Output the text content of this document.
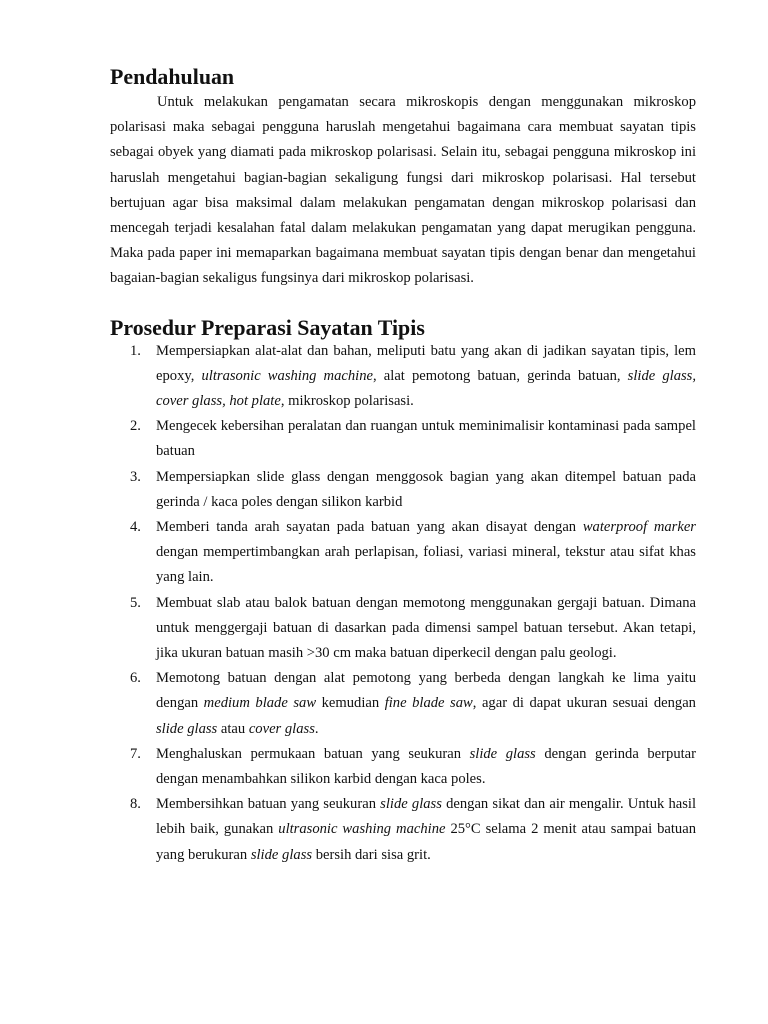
Pendahuluan

Untuk melakukan pengamatan secara mikroskopis dengan menggunakan mikroskop polarisasi maka sebagai pengguna haruslah mengetahui bagaimana cara membuat sayatan tipis sebagai obyek yang diamati pada mikroskop polarisasi. Selain itu, sebagai pengguna mikroskop ini haruslah mengetahui bagian-bagian sekaligung fungsi dari mikroskop polarisasi. Hal tersebut bertujuan agar bisa maksimal dalam melakukan pengamatan dengan mikroskop polarisasi dan mencegah terjadi kesalahan fatal dalam melakukan pengamatan yang dapat merugikan pengguna. Maka pada paper ini memaparkan bagaimana membuat sayatan tipis dengan benar dan mengetahui bagaian-bagian sekaligus fungsinya dari mikroskop polarisasi.

Prosedur Preparasi Sayatan Tipis
1. Mempersiapkan alat-alat dan bahan, meliputi batu yang akan di jadikan sayatan tipis, lem epoxy, ultrasonic washing machine, alat pemotong batuan, gerinda batuan, slide glass, cover glass, hot plate, mikroskop polarisasi.
2. Mengecek kebersihan peralatan dan ruangan untuk meminimalisir kontaminasi pada sampel batuan
3. Mempersiapkan slide glass dengan menggosok bagian yang akan ditempel batuan pada gerinda / kaca poles dengan silikon karbid
4. Memberi tanda arah sayatan pada batuan yang akan disayat dengan waterproof marker dengan mempertimbangkan arah perlapisan, foliasi, variasi mineral, tekstur atau sifat khas yang lain.
5. Membuat slab atau balok batuan dengan memotong menggunakan gergaji batuan. Dimana untuk menggergaji batuan di dasarkan pada dimensi sampel batuan tersebut. Akan tetapi, jika ukuran batuan masih >30 cm maka batuan diperkecil dengan palu geologi.
6. Memotong batuan dengan alat pemotong yang berbeda dengan langkah ke lima yaitu dengan medium blade saw kemudian fine blade saw, agar di dapat ukuran sesuai dengan slide glass atau cover glass.
7. Menghaluskan permukaan batuan yang seukuran slide glass dengan gerinda berputar dengan menambahkan silikon karbid dengan kaca poles.
8. Membersihkan batuan yang seukuran slide glass dengan sikat dan air mengalir. Untuk hasil lebih baik, gunakan ultrasonic washing machine 25°C selama 2 menit atau sampai batuan yang berukuran slide glass bersih dari sisa grit.
